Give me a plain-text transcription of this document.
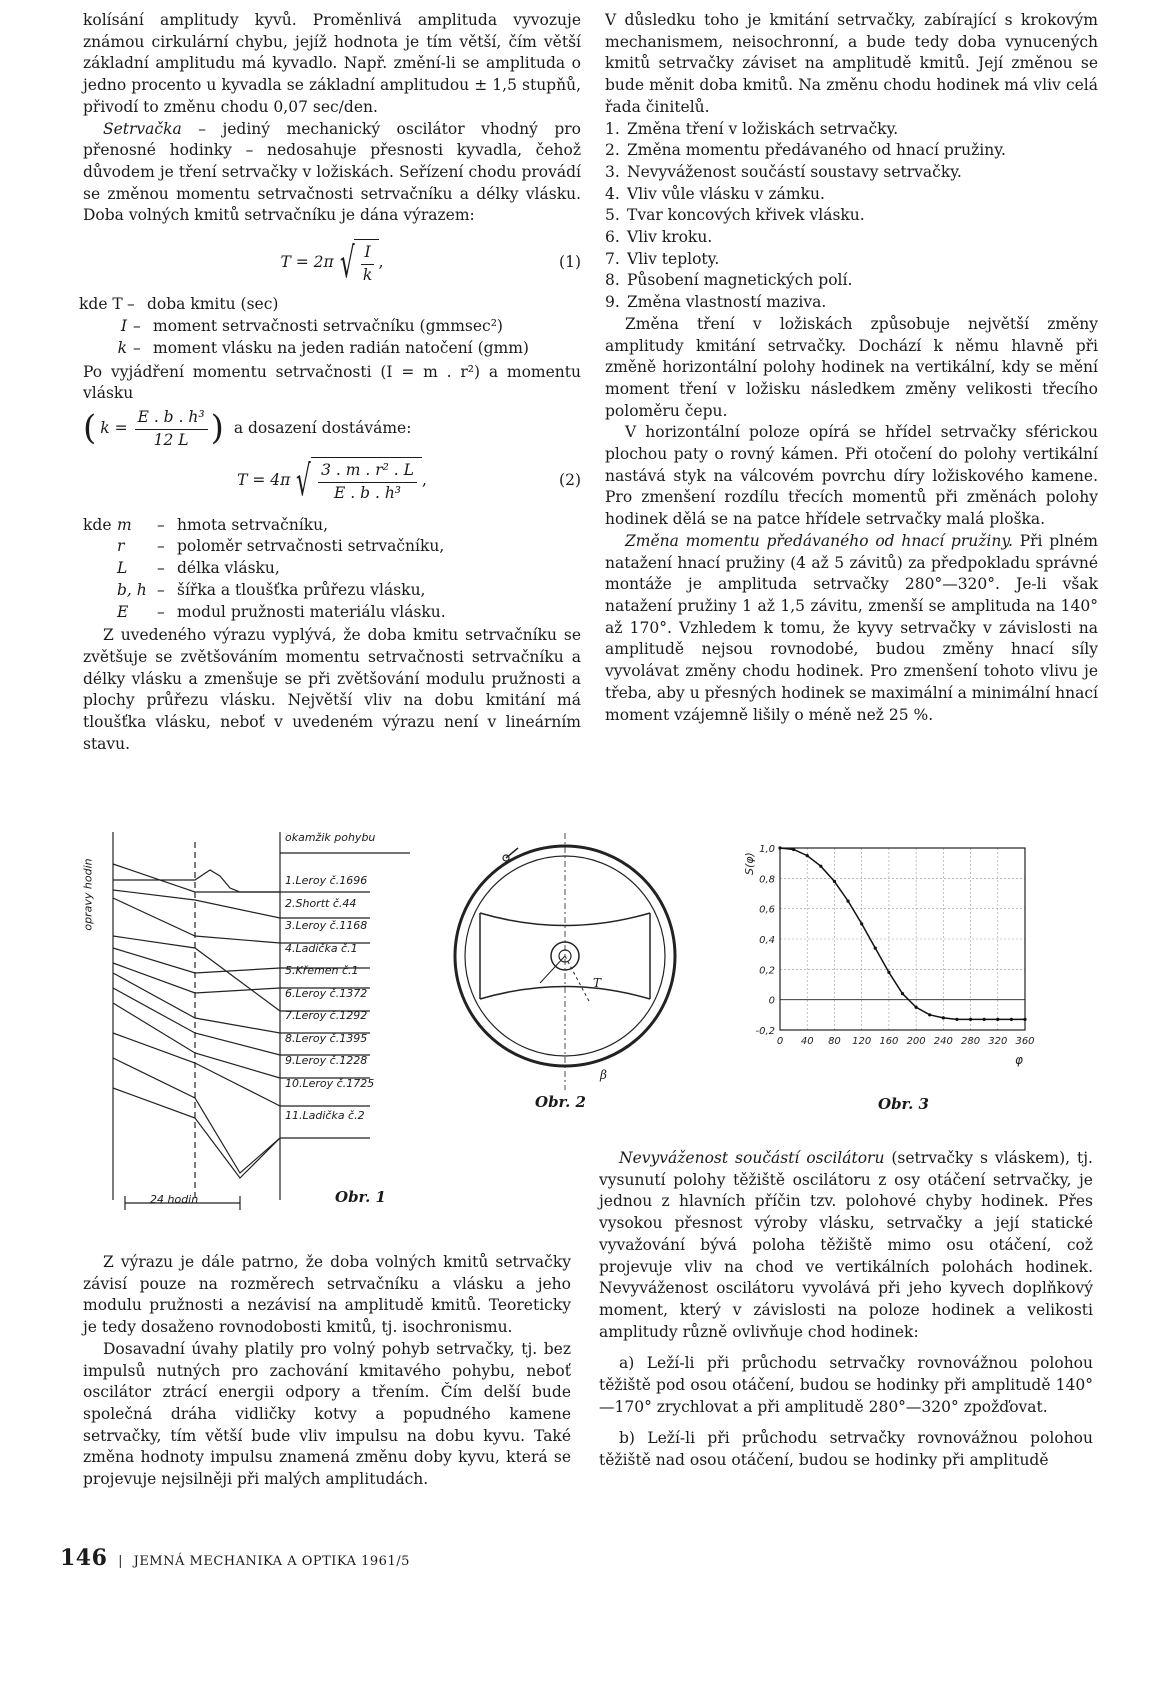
kolísání amplitudy kyvů. Proměnlivá amplituda vyvozuje známou cirkulární chybu, jejíž hodnota je tím větší, čím větší základní amplitudu má kyvadlo. Např. změní-li se amplituda o jedno procento u kyvadla se základní amplitudou ± 1,5 stupňů, přivodí to změnu chodu 0,07 sec/den.

Setrvačka – jediný mechanický oscilátor vhodný pro přenosné hodinky – nedosahuje přesnosti kyvadla, čehož důvodem je tření setrvačky v ložiskách. Seřízení chodu provádí se změnou momentu setrvačnosti setrvačníku a délky vlásku. Doba volných kmitů setrvačníku je dána výrazem:

T = 2π √ $\frac{I}{k}$ ,	(1)
kde T – doba kmitu (sec)
I – moment setrvačnosti setrvačníku (gmmsec²)
k – moment vlásku na jeden radián natočení (gmm)

Po vyjádření momentu setrvačnosti (I = m . r²) a momentu vlásku

( $k = \frac{\text{E . b . h³}}{12 L}$ ) a dosazení dostáváme:
T = 4π √ $\frac{\text{3 . m . r² . L}}{\text{E . b . h³}}$ ,	(2)
kde m	– hmota setrvačníku,
r	– poloměr setrvačnosti setrvačníku,
L	– délka vlásku,
b, h – šířka a tloušťka průřezu vlásku,
E	– modul pružnosti materiálu vlásku.

Z uvedeného výrazu vyplývá, že doba kmitu setrvačníku se zvětšuje se zvětšováním momentu setrvačnosti setrvačníku a délky vlásku a zmenšuje se při zvětšování modulu pružnosti a plochy průřezu vlásku. Největší vliv na dobu kmitání má tloušťka vlásku, neboť v uvedeném výrazu není v lineárním stavu.

V důsledku toho je kmitání setrvačky, zabírající s krokovým mechanismem, neisochronní, a bude tedy doba vynucených kmitů setrvačky záviset na amplitudě kmitů. Její změnou se bude měnit doba kmitů. Na změnu chodu hodinek má vliv celá řada činitelů.

1. Změna tření v ložiskách setrvačky.
2. Změna momentu předávaného od hnací pružiny.
3. Nevyváženost součástí soustavy setrvačky.
4. Vliv vůle vlásku v zámku.
5. Tvar koncových křivek vlásku.
6. Vliv kroku.
7. Vliv teploty.
8. Působení magnetických polí.
9. Změna vlastností maziva.

Změna tření v ložiskách způsobuje největší změny amplitudy kmitání setrvačky. Dochází k němu hlavně při změně horizontální polohy hodinek na vertikální, kdy se mění moment tření v ložisku následkem změny velikosti třecího poloměru čepu.

V horizontální poloze opírá se hřídel setrvačky sférickou plochou paty o rovný kámen. Při otočení do polohy vertikální nastává styk na válcovém povrchu díry ložiskového kamene. Pro zmenšení rozdílu třecích momentů při změnách polohy hodinek dělá se na patce hřídele setrvačky malá ploška.

Změna momentu předávaného od hnací pružiny. Při plném natažení hnací pružiny (4 až 5 závitů) za předpokladu správné montáže je amplituda setrvačky 280°—320°. Je-li však natažení pružiny 1 až 1,5 závitu, zmenší se amplituda na 140° až 170°. Vzhledem k tomu, že kyvy setrvačky v závislosti na amplitudě nejsou rovnodobé, budou změny hnací síly vyvolávat změny chodu hodinek. Pro zmenšení tohoto vlivu je třeba, aby u přesných hodinek se maximální a minimální hnací moment vzájemně lišily o méně než 25 %.

opravy hodin
okamžik pohybu
1.Leroy č.1696
2.Shortt č.44
3.Leroy č.1168
4.Ladička č.1
5.Křemen č.1
6.Leroy č.1372
7.Leroy č.1292
8.Leroy č.1395
9.Leroy č.1228
10.Leroy č.1725
11.Ladička č.2
24 hodin	Obr. 1
T
β
Obr. 2
1,0
0,8
0,6
0,4
0,2
0
-0,2
0 40 80 120 160 200 240 280 320 360
S(φ)
φ
Obr. 3

Z výrazu je dále patrno, že doba volných kmitů setrvačky závisí pouze na rozměrech setrvačníku a vlásku a jeho modulu pružnosti a nezávisí na amplitudě kmitů. Teoreticky je tedy dosaženo rovnodobosti kmitů, tj. isochronismu.

Dosavadní úvahy platily pro volný pohyb setrvačky, tj. bez impulsů nutných pro zachování kmitavého pohybu, neboť oscilátor ztrácí energii odpory a třením. Čím delší bude společná dráha vidličky kotvy a popudného kamene setrvačky, tím větší bude vliv impulsu na dobu kyvu. Také změna hodnoty impulsu znamená změnu doby kyvu, která se projevuje nejsilněji při malých amplitudách.

Nevyváženost součástí oscilátoru (setrvačky s vláskem), tj. vysunutí polohy těžiště oscilátoru z osy otáčení setrvačky, je jednou z hlavních příčin tzv. polohové chyby hodinek. Přes vysokou přesnost výroby vlásku, setrvačky a její statické vyvažování bývá poloha těžiště mimo osu otáčení, což projevuje vliv na chod ve vertikálních polohách hodinek. Nevyváženost oscilátoru vyvolává při jeho kyvech doplňkový moment, který v závislosti na poloze hodinek a velikosti amplitudy různě ovlivňuje chod hodinek:

a) Leží-li při průchodu setrvačky rovnovážnou polohou těžiště pod osou otáčení, budou se hodinky při amplitudě 140°—170° zrychlovat a při amplitudě 280°—320° zpožďovat.

b) Leží-li při průchodu setrvačky rovnovážnou polohou těžiště nad osou otáčení, budou se hodinky při amplitudě

146 | JEMNÁ MECHANIKA A OPTIKA 1961/5
